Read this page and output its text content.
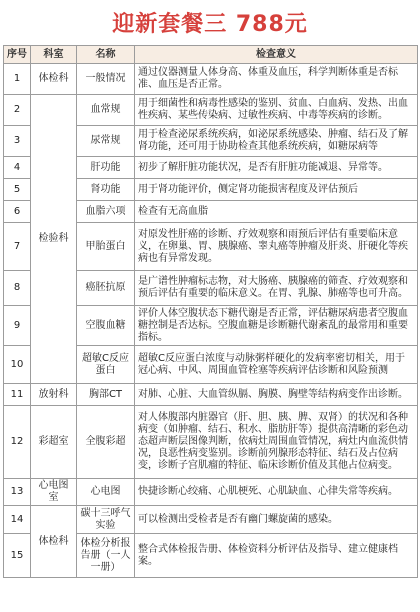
迎新套餐三 788元
序号	科室	名称	检查意义
1	体检科	一般情况	通过仪器测量人体身高、体重及血压，科学判断体重是否标准、血压是否正常。
2	检验科	血常规	用于细菌性和病毒性感染的鉴别、贫血、白血病、发热、出血性疾病、某些传染病、过敏性疾病、中毒等疾病的诊断。
3		尿常规	用于检查泌尿系统疾病，如泌尿系统感染、肿瘤、结石及了解肾功能，还可用于协助检查其他系统疾病，如糖尿病等
4		肝功能	初步了解肝脏功能状况，是否有肝脏功能减退、异常等。
5		肾功能	用于肾功能评价，侧定肾功能损害程度及评估预后
6		血脂六项	检查有无高血脂
7		甲胎蛋白	对原发性肝癌的诊断、疗效观察和雨预后评估有重要临床意义，在卵巢、胃、胰腺癌、睾丸癌等肿瘤及肝炎、肝硬化等疾病也有异常发现。
8		癌胚抗原	是广谱性肿瘤标志物，对大肠癌、胰腺癌的筛查、疗效观察和预后评估有重要的临床意义。在胃、乳腺、肺癌等也可升高。
9		空腹血糖	评价人体空腹状态下糖代谢是否正常，评估糖尿病患者空腹血糖控制是否达标。空腹血糖是诊断糖代谢紊乱的最常用和重要指标。
10		超敏C反应蛋白	超敏C反应蛋白浓度与动脉粥样硬化的发病率密切相关，用于冠心病、中风、周围血管栓塞等疾病评估诊断和风险预测
11	放射科	胸部CT	对肺、心脏、大血管纵膈、胸膜、胸壁等结构病变作出诊断。
12	彩超室	全腹彩超	对人体腹部内脏器官（肝、胆、胰、脾、双肾）的状况和各种病变（如肿瘤、结石、积水、脂肪肝等）提供高清晰的彩色动态超声断层图像判断，依病灶周围血管情况，病灶内血流供情况，良恶性病变鉴别。诊断前列腺形态特征、结石及占位病变，诊断子宫肌瘤的特征、临床诊断价值及其他占位病变。
13	心电图室	心电图	快捷诊断心绞痛、心肌梗死、心肌缺血、心律失常等疾病。
14	体检科	碳十三呼气实验	可以检测出受检者是否有幽门螺旋菌的感染。
15		体检分析报告册（一人一册）	整合式体检报告册、体检资料分析评估及指导、建立健康档案。
